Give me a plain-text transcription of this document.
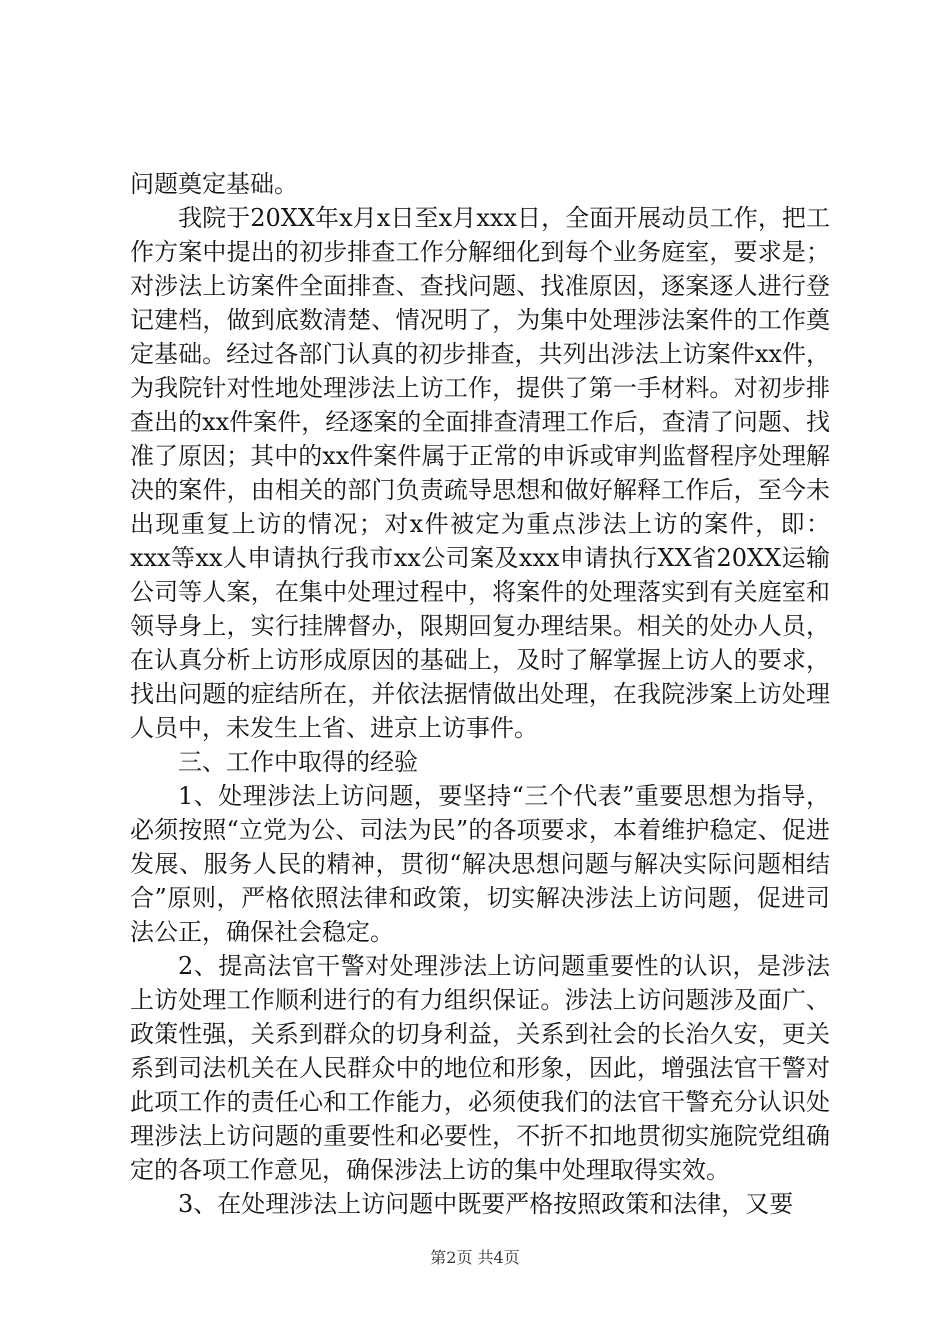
问题奠定基础。

我院于20XX年x月x日至x月xxx日，全面开展动员工作，把工作方案中提出的初步排查工作分解细化到每个业务庭室，要求是；对涉法上访案件全面排查、查找问题、找准原因，逐案逐人进行登记建档，做到底数清楚、情况明了，为集中处理涉法案件的工作奠定基础。经过各部门认真的初步排查，共列出涉法上访案件xx件，为我院针对性地处理涉法上访工作，提供了第一手材料。对初步排查出的xx件案件，经逐案的全面排查清理工作后，查清了问题、找准了原因；其中的xx件案件属于正常的申诉或审判监督程序处理解决的案件，由相关的部门负责疏导思想和做好解释工作后，至今未出现重复上访的情况；对x件被定为重点涉法上访的案件，即：xxx等xx人申请执行我市xx公司案及xxx申请执行XX省20XX运输公司等人案，在集中处理过程中，将案件的处理落实到有关庭室和领导身上，实行挂牌督办，限期回复办理结果。相关的处办人员，在认真分析上访形成原因的基础上，及时了解掌握上访人的要求，找出问题的症结所在，并依法据情做出处理，在我院涉案上访处理人员中，未发生上省、进京上访事件。

三、工作中取得的经验

1、处理涉法上访问题，要坚持“三个代表”重要思想为指导，必须按照“立党为公、司法为民”的各项要求，本着维护稳定、促进发展、服务人民的精神，贯彻“解决思想问题与解决实际问题相结合”原则，严格依照法律和政策，切实解决涉法上访问题，促进司法公正，确保社会稳定。

2、提高法官干警对处理涉法上访问题重要性的认识，是涉法上访处理工作顺利进行的有力组织保证。涉法上访问题涉及面广、政策性强，关系到群众的切身利益，关系到社会的长治久安，更关系到司法机关在人民群众中的地位和形象，因此，增强法官干警对此项工作的责任心和工作能力，必须使我们的法官干警充分认识处理涉法上访问题的重要性和必要性，不折不扣地贯彻实施院党组确定的各项工作意见，确保涉法上访的集中处理取得实效。

3、在处理涉法上访问题中既要严格按照政策和法律，又要

第2页 共4页
